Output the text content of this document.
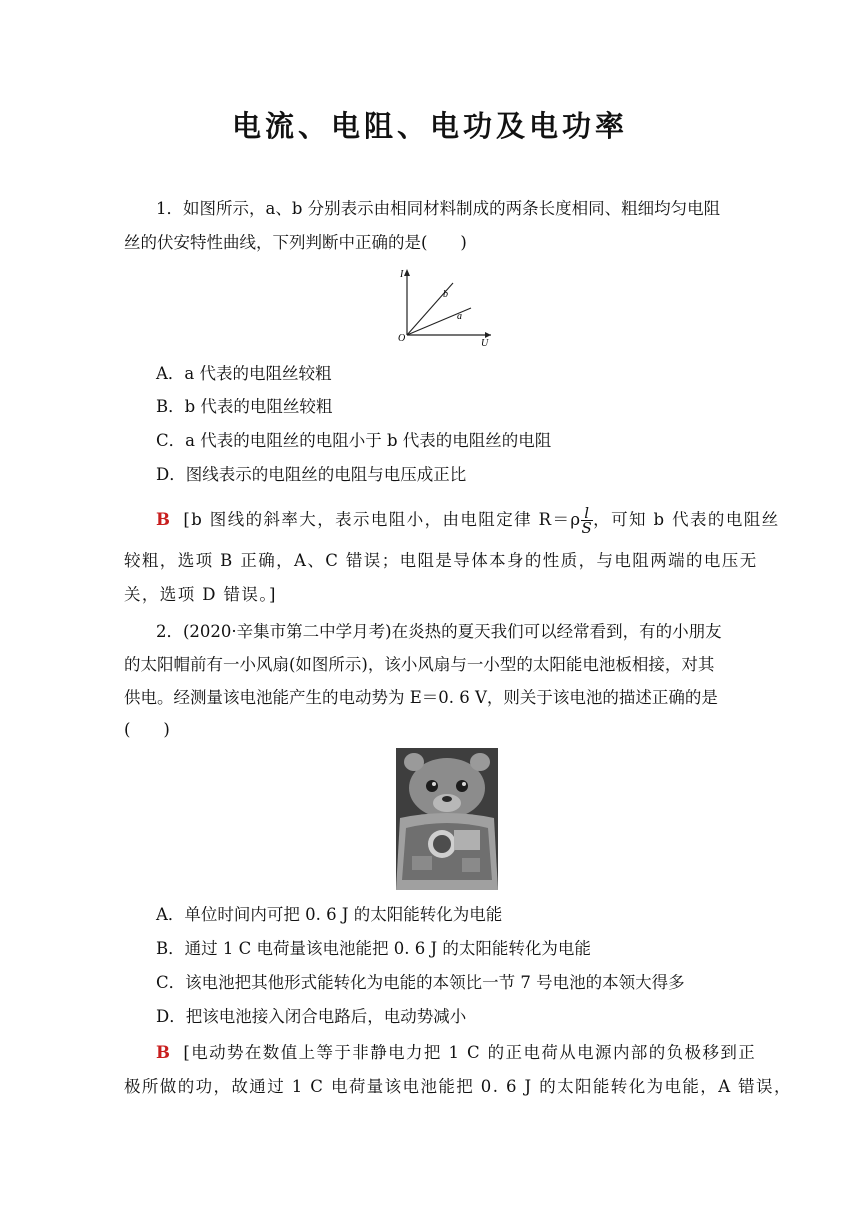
电流、电阻、电功及电功率
1．如图所示，a、b 分别表示由相同材料制成的两条长度相同、粗细均匀电阻
丝的伏安特性曲线，下列判断中正确的是(　　)
I
U
O
b
a
A．a 代表的电阻丝较粗
B．b 代表的电阻丝较粗
C．a 代表的电阻丝的电阻小于 b 代表的电阻丝的电阻
D．图线表示的电阻丝的电阻与电压成正比
B [b 图线的斜率大，表示电阻小，由电阻定律 $R=\rho \frac{l}{S}$ ，可知 b 代表的电阻丝
较粗，选项 B 正确，A、C 错误；电阻是导体本身的性质，与电阻两端的电压无
关，选项 D 错误。]
2．(2020·辛集市第二中学月考)在炎热的夏天我们可以经常看到，有的小朋友
的太阳帽前有一小风扇(如图所示)，该小风扇与一小型的太阳能电池板相接，对其
供电。经测量该电池能产生的电动势为 E＝0. 6 V，则关于该电池的描述正确的是
(　　)
A．单位时间内可把 0. 6 J 的太阳能转化为电能
B．通过 1 C 电荷量该电池能把 0. 6 J 的太阳能转化为电能
C．该电池把其他形式能转化为电能的本领比一节 7 号电池的本领大得多
D．把该电池接入闭合电路后，电动势减小
B [电动势在数值上等于非静电力把 1 C 的正电荷从电源内部的负极移到正
极所做的功，故通过 1 C 电荷量该电池能把 0. 6 J 的太阳能转化为电能，A 错误，
